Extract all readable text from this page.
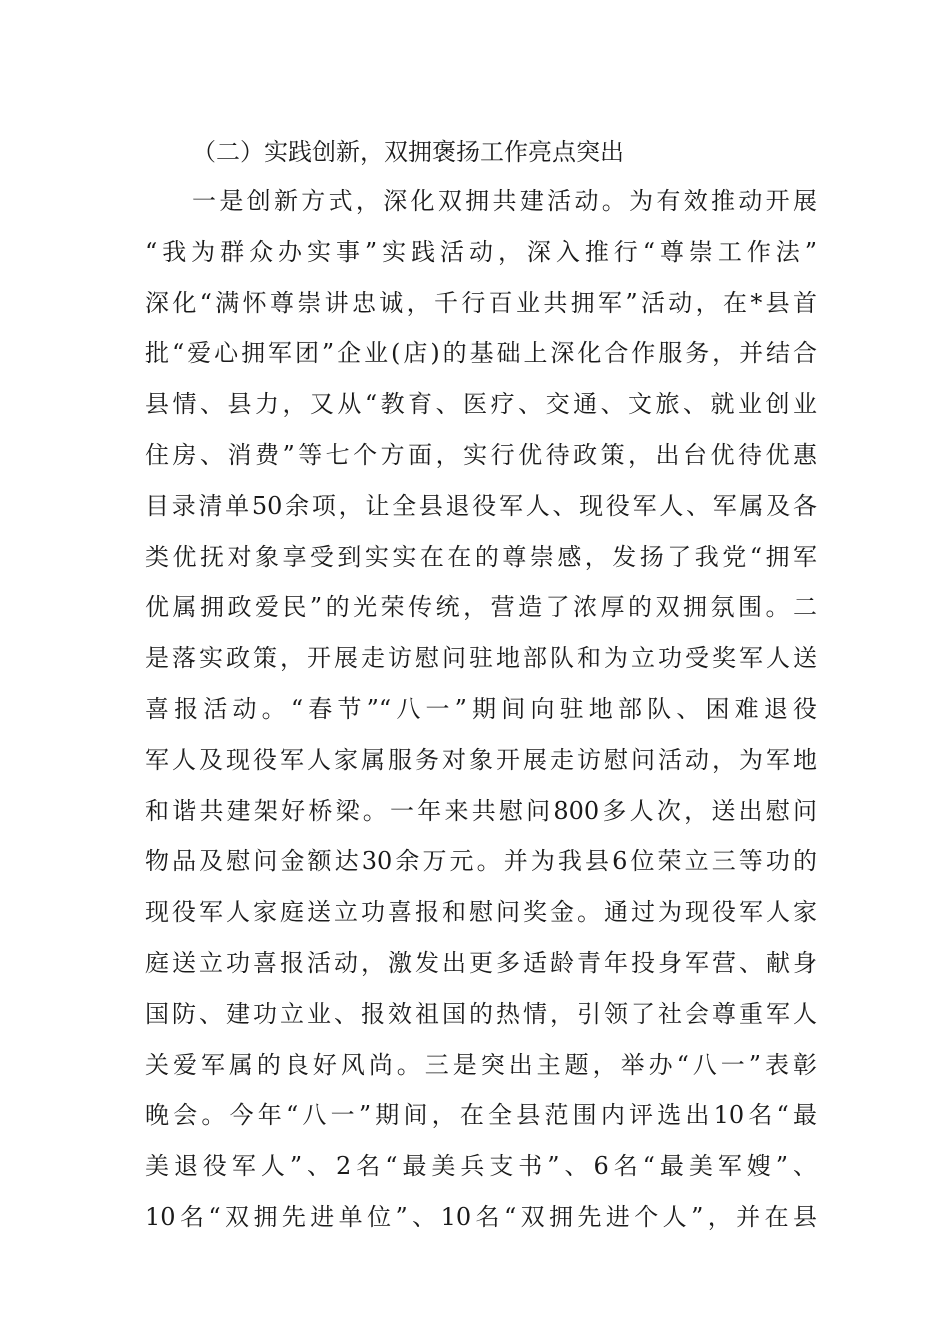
（二）实践创新，双拥褒扬工作亮点突出
一是创新方式，深化双拥共建活动。为有效推动开展
“我为群众办实事”实践活动，深入推行“尊崇工作法”
深化“满怀尊崇讲忠诚，千行百业共拥军”活动，在*县首
批“爱心拥军团”企业(店)的基础上深化合作服务，并结合
县情、县力，又从“教育、医疗、交通、文旅、就业创业
住房、消费”等七个方面，实行优待政策，出台优待优惠
目录清单50余项，让全县退役军人、现役军人、军属及各
类优抚对象享受到实实在在的尊崇感，发扬了我党“拥军
优属拥政爱民”的光荣传统，营造了浓厚的双拥氛围。二
是落实政策，开展走访慰问驻地部队和为立功受奖军人送
喜报活动。“春节”“八一”期间向驻地部队、困难退役
军人及现役军人家属服务对象开展走访慰问活动，为军地
和谐共建架好桥梁。一年来共慰问800多人次，送出慰问
物品及慰问金额达30余万元。并为我县6位荣立三等功的
现役军人家庭送立功喜报和慰问奖金。通过为现役军人家
庭送立功喜报活动，激发出更多适龄青年投身军营、献身
国防、建功立业、报效祖国的热情，引领了社会尊重军人
关爱军属的良好风尚。三是突出主题，举办“八一”表彰
晚会。今年“八一”期间，在全县范围内评选出10名“最
美退役军人”、2名“最美兵支书”、6名“最美军嫂”、
10名“双拥先进单位”、10名“双拥先进个人”，并在县
